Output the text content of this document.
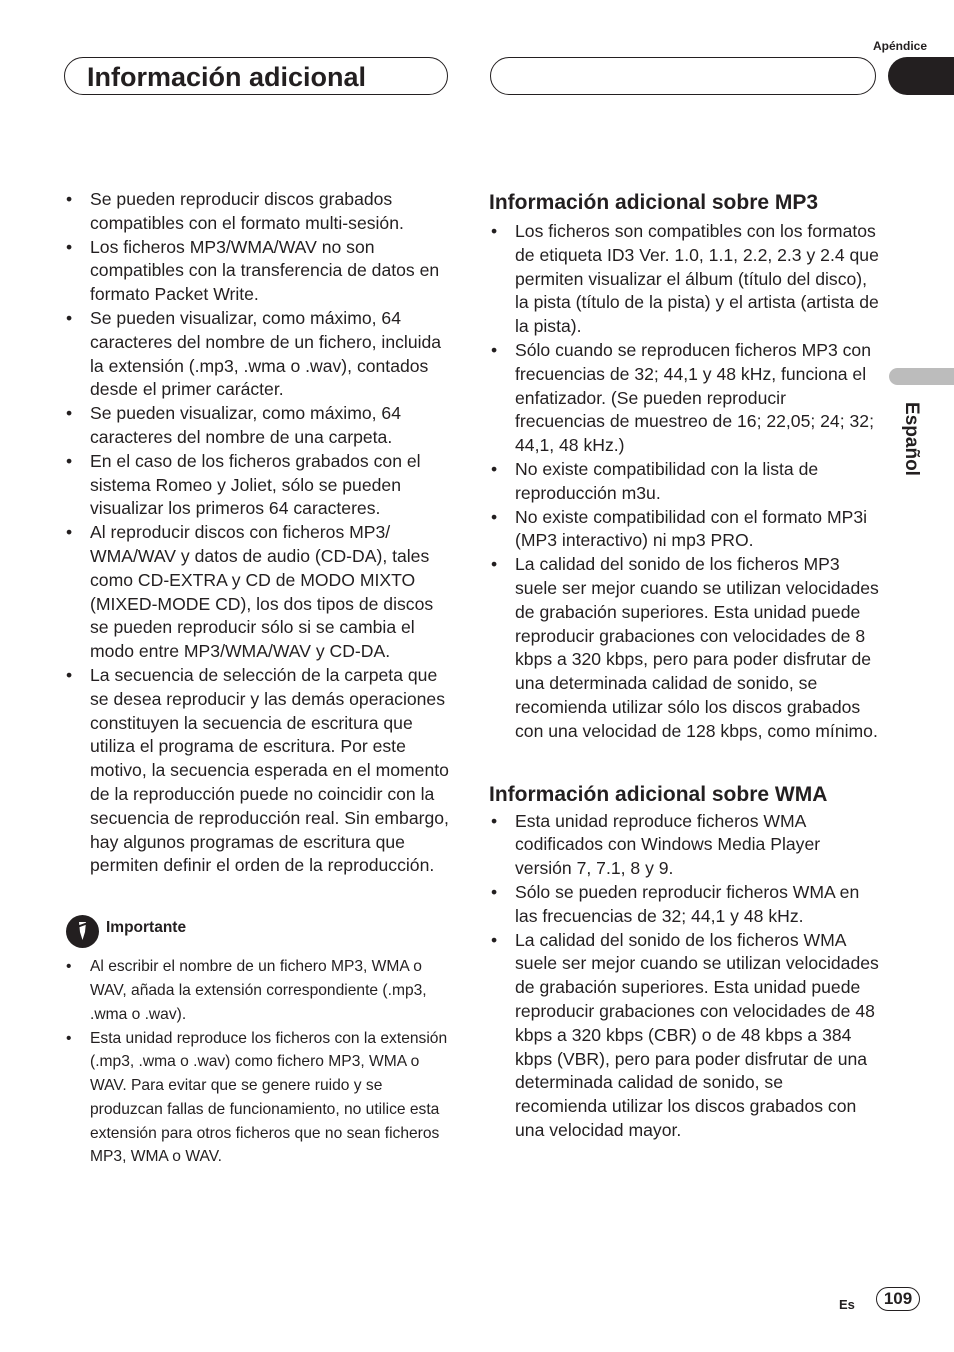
Apéndice
Información adicional
Español
• Se pueden reproducir discos grabados compatibles con el formato multi-sesión.
• Los ficheros MP3/WMA/WAV no son compatibles con la transferencia de datos en formato Packet Write.
• Se pueden visualizar, como máximo, 64 caracteres del nombre de un fichero, incluida la extensión (.mp3, .wma o .wav), contados desde el primer carácter.
• Se pueden visualizar, como máximo, 64 caracteres del nombre de una carpeta.
• En el caso de los ficheros grabados con el sistema Romeo y Joliet, sólo se pueden visualizar los primeros 64 caracteres.
• Al reproducir discos con ficheros MP3/ WMA/WAV y datos de audio (CD-DA), tales como CD-EXTRA y CD de MODO MIXTO (MIXED-MODE CD), los dos tipos de discos se pueden reproducir sólo si se cambia el modo entre MP3/WMA/WAV y CD-DA.
• La secuencia de selección de la carpeta que se desea reproducir y las demás operaciones constituyen la secuencia de escritura que utiliza el programa de escritura. Por este motivo, la secuencia esperada en el momento de la reproducción puede no coincidir con la secuencia de reproducción real. Sin embargo, hay algunos programas de escritura que permiten definir el orden de la reproducción.
Importante
• Al escribir el nombre de un fichero MP3, WMA o WAV, añada la extensión correspondiente (.mp3, .wma o .wav).
• Esta unidad reproduce los ficheros con la extensión (.mp3, .wma o .wav) como fichero MP3, WMA o WAV. Para evitar que se genere ruido y se produzcan fallas de funcionamiento, no utilice esta extensión para otros ficheros que no sean ficheros MP3, WMA o WAV.
Información adicional sobre MP3
• Los ficheros son compatibles con los formatos de etiqueta ID3 Ver. 1.0, 1.1, 2.2, 2.3 y 2.4 que permiten visualizar el álbum (título del disco), la pista (título de la pista) y el artista (artista de la pista).
• Sólo cuando se reproducen ficheros MP3 con frecuencias de 32; 44,1 y 48 kHz, funciona el enfatizador. (Se pueden reproducir frecuencias de muestreo de 16; 22,05; 24; 32; 44,1, 48 kHz.)
• No existe compatibilidad con la lista de reproducción m3u.
• No existe compatibilidad con el formato MP3i (MP3 interactivo) ni mp3 PRO.
• La calidad del sonido de los ficheros MP3 suele ser mejor cuando se utilizan velocidades de grabación superiores. Esta unidad puede reproducir grabaciones con velocidades de 8 kbps a 320 kbps, pero para poder disfrutar de una determinada calidad de sonido, se recomienda utilizar sólo los discos grabados con una velocidad de 128 kbps, como mínimo.
Información adicional sobre WMA
• Esta unidad reproduce ficheros WMA codificados con Windows Media Player versión 7, 7.1, 8 y 9.
• Sólo se pueden reproducir ficheros WMA en las frecuencias de 32; 44,1 y 48 kHz.
• La calidad del sonido de los ficheros WMA suele ser mejor cuando se utilizan velocidades de grabación superiores. Esta unidad puede reproducir grabaciones con velocidades de 48 kbps a 320 kbps (CBR) o de 48 kbps a 384 kbps (VBR), pero para poder disfrutar de una determinada calidad de sonido, se recomienda utilizar los discos grabados con una velocidad mayor.
Es	109
